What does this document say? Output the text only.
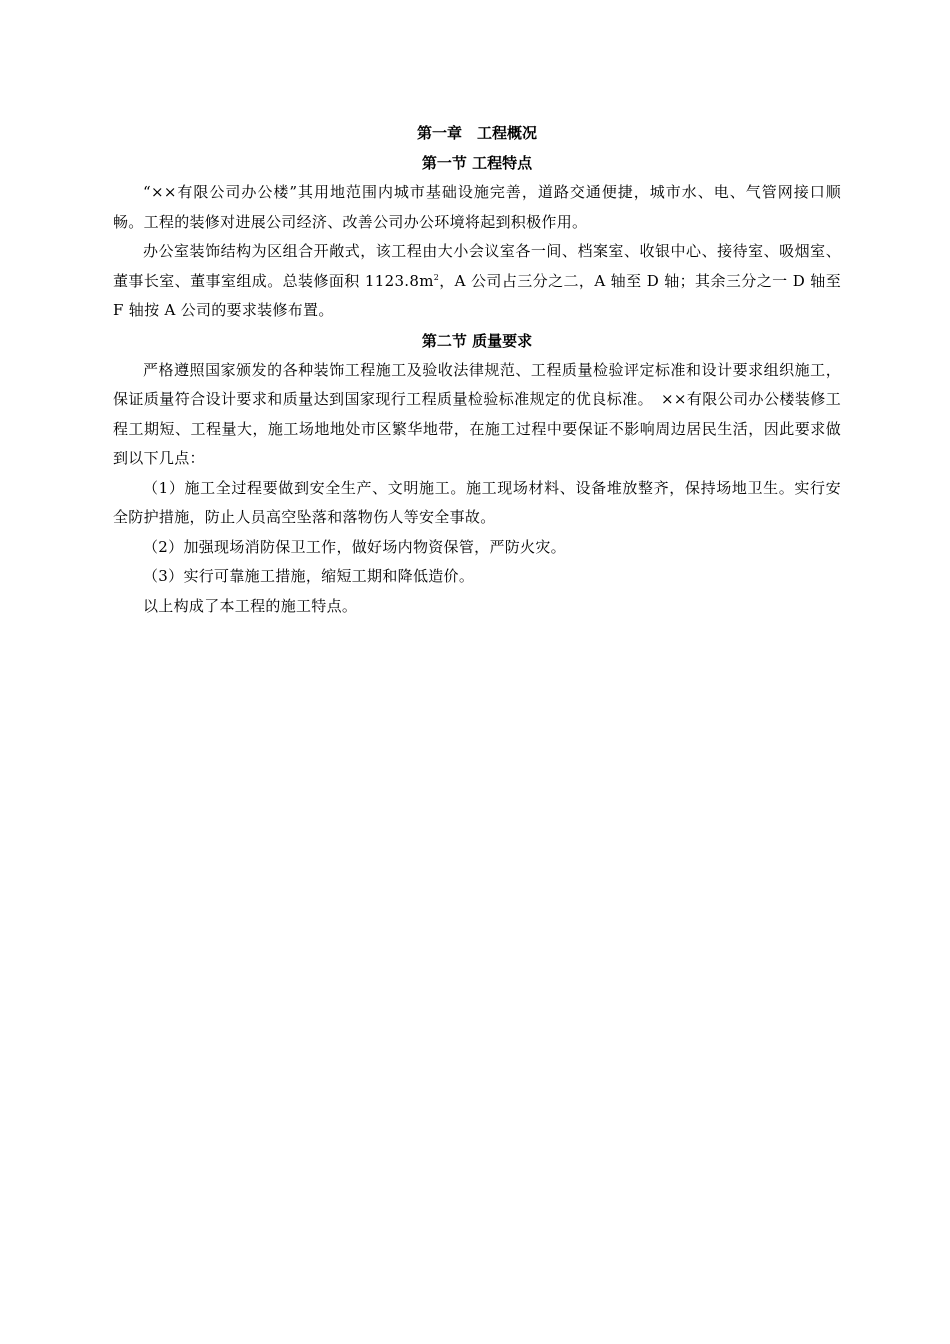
第一章　工程概况

第一节 工程特点

“××有限公司办公楼”其用地范围内城市基础设施完善，道路交通便捷，城市水、电、气管网接口顺畅。工程的装修对进展公司经济、改善公司办公环境将起到积极作用。

办公室装饰结构为区组合开敞式，该工程由大小会议室各一间、档案室、收银中心、接待室、吸烟室、董事长室、董事室组成。总装修面积 $1123.8m^2$，A 公司占三分之二，A 轴至 D 轴；其余三分之一 D 轴至 F 轴按 A 公司的要求装修布置。

第二节 质量要求

严格遵照国家颁发的各种装饰工程施工及验收法律规范、工程质量检验评定标准和设计要求组织施工，保证质量符合设计要求和质量达到国家现行工程质量检验标准规定的优良标准。　××有限公司办公楼装修工程工期短、工程量大，施工场地地处市区繁华地带，在施工过程中要保证不影响周边居民生活，因此要求做到以下几点：

（1）施工全过程要做到安全生产、文明施工。施工现场材料、设备堆放整齐，保持场地卫生。实行安全防护措施，防止人员高空坠落和落物伤人等安全事故。

（2）加强现场消防保卫工作，做好场内物资保管，严防火灾。

（3）实行可靠施工措施，缩短工期和降低造价。

以上构成了本工程的施工特点。
